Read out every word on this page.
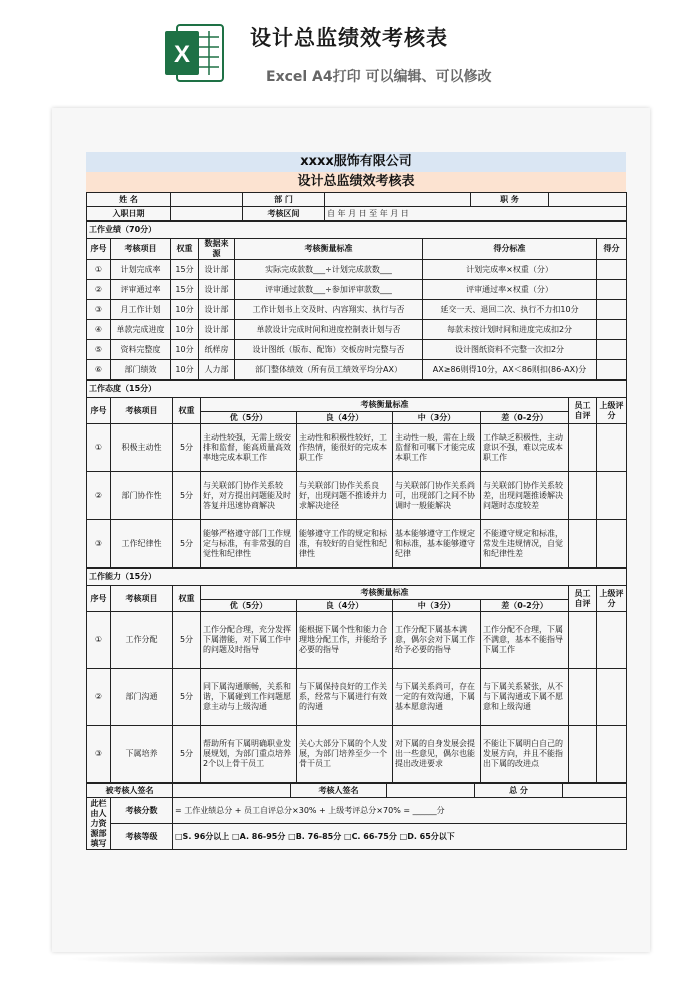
X
设计总监绩效考核表
Excel A4打印 可以编辑、可以修改
xxxx服饰有限公司
设计总监绩效考核表
姓 名		部 门		职 务	
入职日期		考核区间	自 年 月 日 至 年 月 日		
工作业绩（70分）						
序号	考核项目	权重	数据来源	考核衡量标准	得分标准	得分
①	计划完成率	15分	设计部	实际完成款数___÷计划完成款数___	计划完成率×权重（分）	
②	评审通过率	15分	设计部	评审通过款数___÷参加评审款数___	评审通过率×权重（分）	
③	月工作计划	10分	设计部	工作计划书上交及时、内容翔实、执行与否	延交一天、退回二次、执行不力扣10分	
④	单款完成进度	10分	设计部	单款设计完成时间和进度控制表计划与否	每款未按计划时间和进度完成扣2分	
⑤	资料完整度	10分	纸样房	设计图纸（版布、配饰）交板房时完整与否	设计图纸资料不完整一次扣2分	
⑥	部门绩效	10分	人力部	部门整体绩效（所有员工绩效平均分AX）	AX≥86则得10分，AX＜86则扣(86-AX)分	
工作态度（15分）								
序号	考核项目	权重	考核衡量标准				员工自评	上级评分
			优（5分）	良（4分）	中（3分）	差（0-2分）		
①	积极主动性	5分	主动性较强，无需上级安排和监督，能高质量高效率地完成本职工作	主动性和积极性较好，工作热情，能很好的完成本职工作	主动性一般，需在上级监督和可嘱下才能完成本职工作	工作缺乏积极性，主动意识不强，难以完成本职工作		
②	部门协作性	5分	与关联部门协作关系较好，对方提出问题能及时答复并迅速协商解决	与关联部门协作关系良好，出现问题不推诿并力求解决途径	与关联部门协作关系尚可，出现部门之间不协调时一般能解决	与关联部门协作关系较差，出现问题推诿解决问题时态度较差		
③	工作纪律性	5分	能够严格遵守部门工作规定与标准，有非常强的自觉性和纪律性	能够遵守工作的规定和标准，有较好的自觉性和纪律性	基本能够遵守工作规定和标准，基本能够遵守纪律	不能遵守规定和标准，常发生违规情况，自觉和纪律性差		
工作能力（15分）								
序号	考核项目	权重	考核衡量标准				员工自评	上级评分
			优（5分）	良（4分）	中（3分）	差（0-2分）		
①	工作分配	5分	工作分配合理，充分发挥下属潜能，对下属工作中的问题及时指导	能根据下属个性和能力合理地分配工作，并能给予必要的指导	工作分配下属基本满意，偶尔会对下属工作给予必要的指导	工作分配不合理，下属不满意，基本不能指导下属工作		
②	部门沟通	5分	同下属沟通顺畅，关系和谐，下属碰到工作问题愿意主动与上级沟通	与下属保持良好的工作关系，经常与下属进行有效的沟通	与下属关系尚可，存在一定的有效沟通，下属基本愿意沟通	与下属关系紧张，从不与下属沟通或下属不愿意和上级沟通		
③	下属培养	5分	帮助所有下属明确职业发展规划，为部门重点培养2个以上骨干员工	关心大部分下属的个人发展，为部门培养至少一个骨干员工	对下属的自身发展会提出一些意见，偶尔也能提出改进要求	不能让下属明白自己的发展方向，并且不能指出下属的改进点		
被考核人签名			考核人签名		总 分	
此栏由人力资源部填写	考核分数	= 工作业绩总分 + 员工自评总分×30% + 上级考评总分×70% = ______分				
	考核等级	□S. 96分以上 □A. 86-95分 □B. 76-85分 □C. 66-75分 □D. 65分以下				
